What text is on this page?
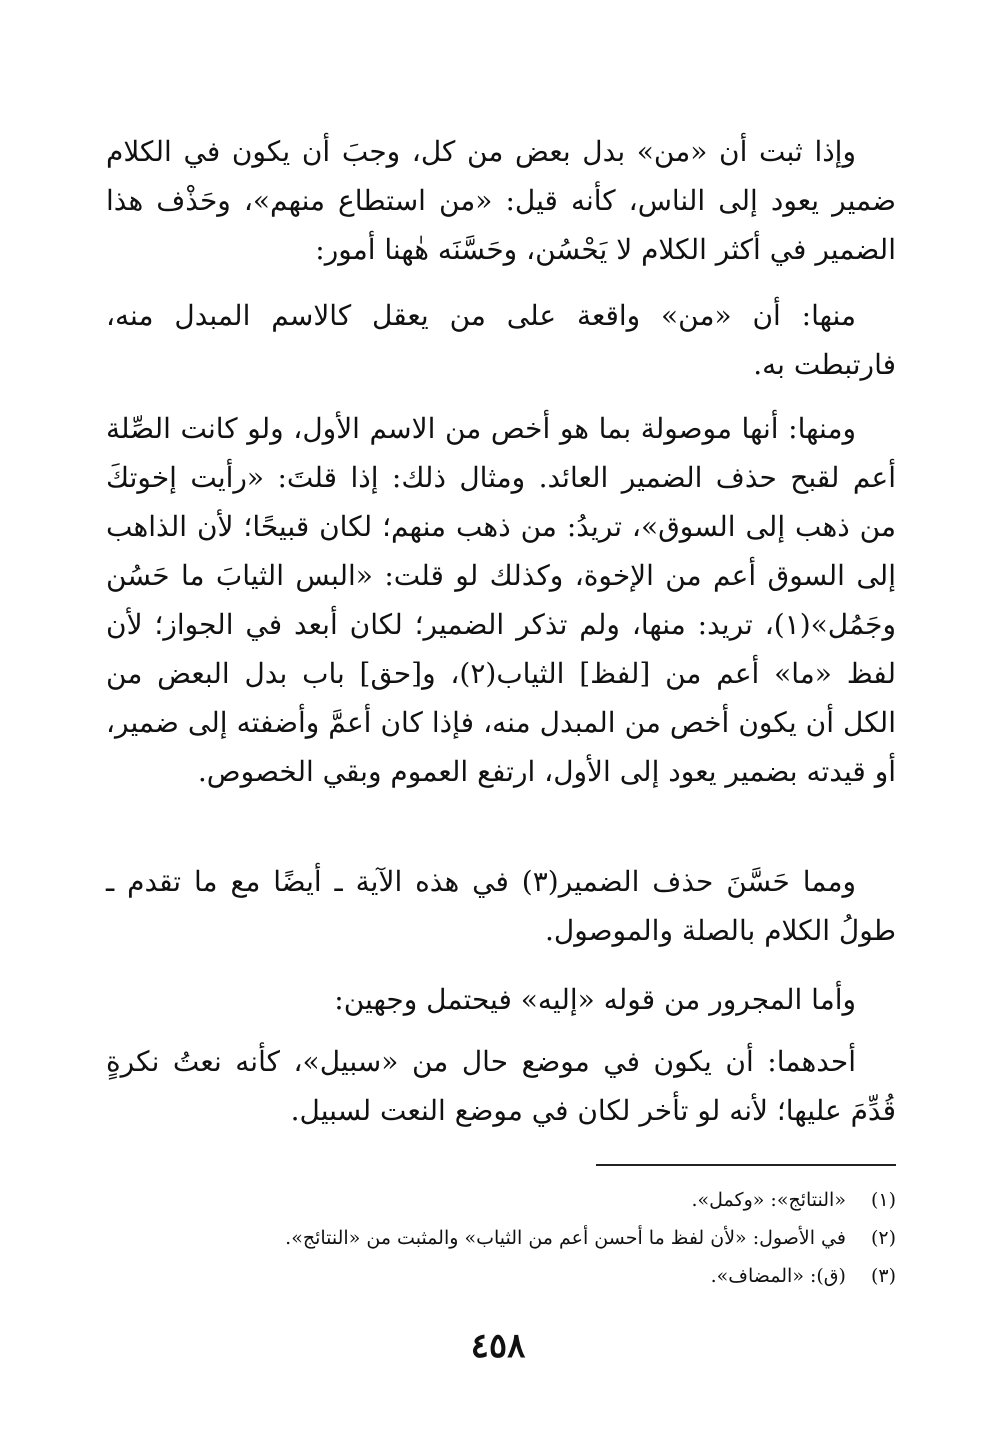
وإذا ثبت أن «من» بدل بعض من كل، وجبَ أن يكون في الكلام ضمير يعود إلى الناس، كأنه قيل: «من استطاع منهم»، وحَذْف هذا الضمير في أكثر الكلام لا يَحْسُن، وحَسَّنَه هٰهنا أمور:

منها: أن «من» واقعة على من يعقل كالاسم المبدل منه، فارتبطت به.

ومنها: أنها موصولة بما هو أخص من الاسم الأول، ولو كانت الصِّلة أعم لقبح حذف الضمير العائد. ومثال ذلك: إذا قلتَ: «رأيت إخوتكَ من ذهب إلى السوق»، تريدُ: من ذهب منهم؛ لكان قبيحًا؛ لأن الذاهب إلى السوق أعم من الإخوة، وكذلك لو قلت: «البس الثيابَ ما حَسُن وجَمُل»(١)، تريد: منها، ولم تذكر الضمير؛ لكان أبعد في الجواز؛ لأن لفظ «ما» أعم من [لفظ] الثياب(٢)، و[حق] باب بدل البعض من الكل أن يكون أخص من المبدل منه، فإذا كان أعمَّ وأضفته إلى ضمير، أو قيدته بضمير يعود إلى الأول، ارتفع العموم وبقي الخصوص.

ومما حَسَّنَ حذف الضمير(٣) في هذه الآية ـ أيضًا مع ما تقدم ـ طولُ الكلام بالصلة والموصول.

وأما المجرور من قوله «إليه» فيحتمل وجهين:

أحدهما: أن يكون في موضع حال من «سبيل»، كأنه نعتُ نكرةٍ قُدِّمَ عليها؛ لأنه لو تأخر لكان في موضع النعت لسبيل.

(١) «النتائج»: «وكمل».

(٢) في الأصول: «لأن لفظ ما أحسن أعم من الثياب» والمثبت من «النتائج».

(٣) (ق): «المضاف».

٤٥٨
